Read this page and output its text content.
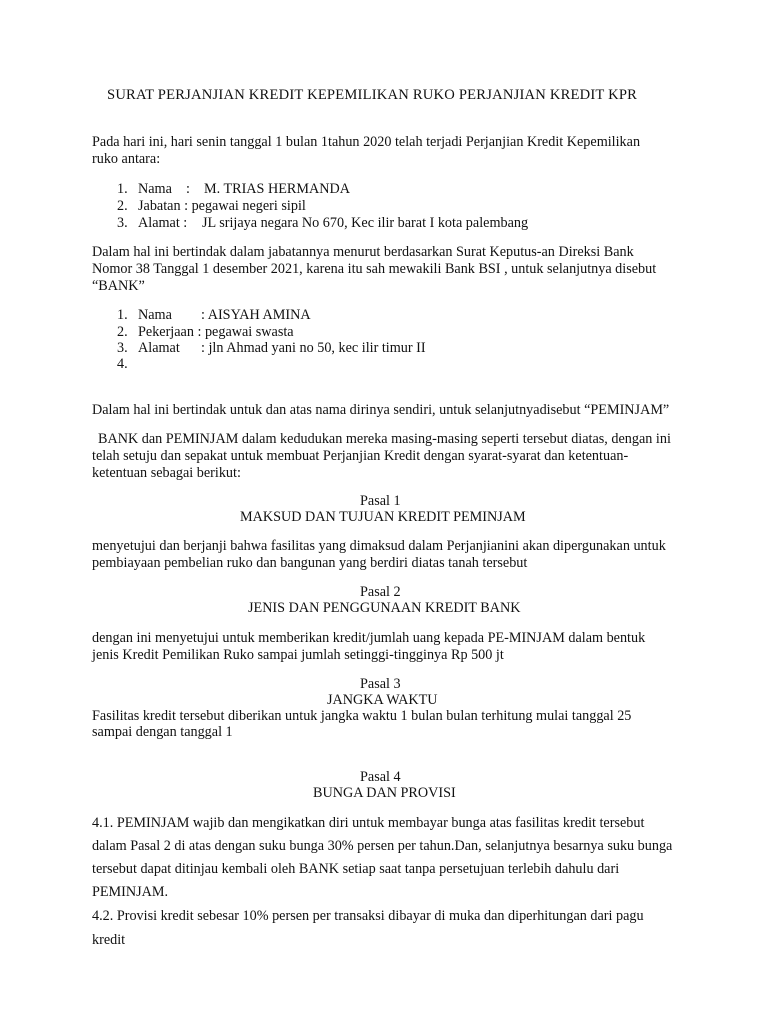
SURAT PERJANJIAN KREDIT KEPEMILIKAN RUKO PERJANJIAN KREDIT KPR
Pada hari ini, hari senin tanggal 1 bulan 1tahun 2020 telah terjadi Perjanjian Kredit Kepemilikan
ruko antara:
1. Nama : M. TRIAS HERMANDA
2. Jabatan : pegawai negeri sipil
3. Alamat : JL srijaya negara No 670, Kec ilir barat I kota palembang
Dalam hal ini bertindak dalam jabatannya menurut berdasarkan Surat Keputus-an Direksi Bank
Nomor 38 Tanggal 1 desember 2021, karena itu sah mewakili Bank BSI , untuk selanjutnya disebut
“BANK”
1. Nama : AISYAH AMINA
2. Pekerjaan : pegawai swasta
3. Alamat : jln Ahmad yani no 50, kec ilir timur II
4.
Dalam hal ini bertindak untuk dan atas nama dirinya sendiri, untuk selanjutnyadisebut “PEMINJAM”
BANK dan PEMINJAM dalam kedudukan mereka masing-masing seperti tersebut diatas, dengan ini
telah setuju dan sepakat untuk membuat Perjanjian Kredit dengan syarat-syarat dan ketentuan-
ketentuan sebagai berikut:
Pasal 1
MAKSUD DAN TUJUAN KREDIT PEMINJAM
menyetujui dan berjanji bahwa fasilitas yang dimaksud dalam Perjanjianini akan dipergunakan untuk
pembiayaan pembelian ruko dan bangunan yang berdiri diatas tanah tersebut
Pasal 2
JENIS DAN PENGGUNAAN KREDIT BANK
dengan ini menyetujui untuk memberikan kredit/jumlah uang kepada PE-MINJAM dalam bentuk
jenis Kredit Pemilikan Ruko sampai jumlah setinggi-tingginya Rp 500 jt
Pasal 3
JANGKA WAKTU
Fasilitas kredit tersebut diberikan untuk jangka waktu 1 bulan bulan terhitung mulai tanggal 25
sampai dengan tanggal 1
Pasal 4
BUNGA DAN PROVISI
4.1. PEMINJAM wajib dan mengikatkan diri untuk membayar bunga atas fasilitas kredit tersebut
dalam Pasal 2 di atas dengan suku bunga 30% persen per tahun.Dan, selanjutnya besarnya suku bunga
tersebut dapat ditinjau kembali oleh BANK setiap saat tanpa persetujuan terlebih dahulu dari
PEMINJAM.
4.2. Provisi kredit sebesar 10% persen per transaksi dibayar di muka dan diperhitungan dari pagu
kredit
